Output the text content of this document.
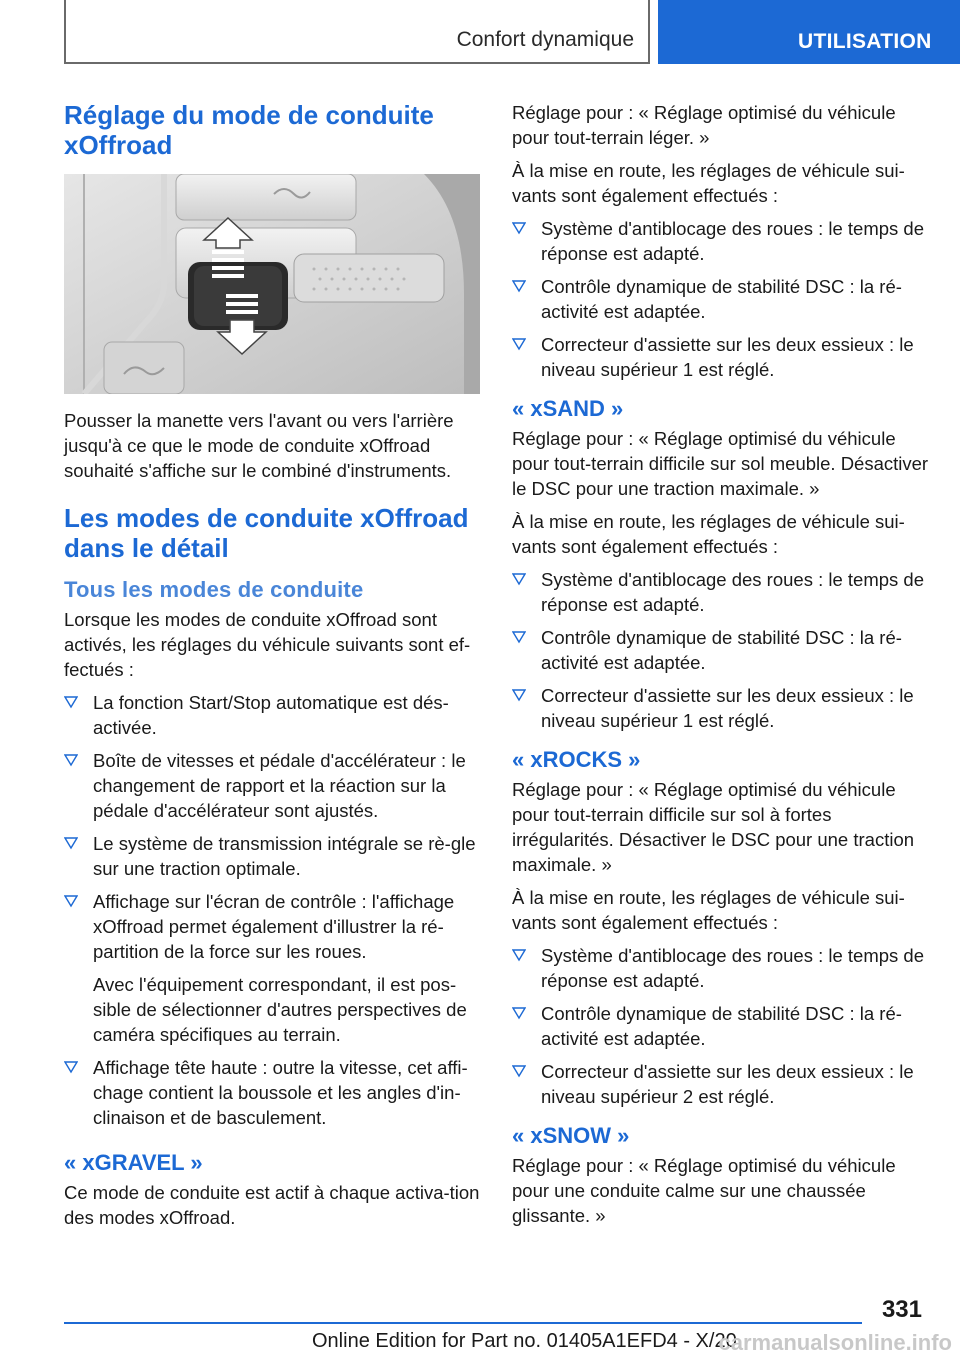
Confort dynamique	UTILISATION
Réglage du mode de conduite xOffroad

Pousser la manette vers l'avant ou vers l'arrière jusqu'à ce que le mode de conduite xOffroad souhaité s'affiche sur le combiné d'instruments.

Les modes de conduite xOffroad dans le détail
Tous les modes de conduite

Lorsque les modes de conduite xOffroad sont activés, les réglages du véhicule suivants sont ef-fectués :

La fonction Start/Stop automatique est dés-activée.
Boîte de vitesses et pédale d'accélérateur : le changement de rapport et la réaction sur la pédale d'accélérateur sont ajustés.
Le système de transmission intégrale se rè-gle sur une traction optimale.
Affichage sur l'écran de contrôle : l'affichage xOffroad permet également d'illustrer la ré-partition de la force sur les roues.
Avec l'équipement correspondant, il est pos-sible de sélectionner d'autres perspectives de caméra spécifiques au terrain.
Affichage tête haute : outre la vitesse, cet affi-chage contient la boussole et les angles d'in-clinaison et de basculement.
« xGRAVEL »

Ce mode de conduite est actif à chaque activa-tion des modes xOffroad.

Réglage pour : « Réglage optimisé du véhicule pour tout-terrain léger. »

À la mise en route, les réglages de véhicule sui-vants sont également effectués :

Système d'antiblocage des roues : le temps de réponse est adapté.
Contrôle dynamique de stabilité DSC : la ré-activité est adaptée.
Correcteur d'assiette sur les deux essieux : le niveau supérieur 1 est réglé.
« xSAND »

Réglage pour : « Réglage optimisé du véhicule pour tout-terrain difficile sur sol meuble. Désactiver le DSC pour une traction maximale. »

À la mise en route, les réglages de véhicule sui-vants sont également effectués :

Système d'antiblocage des roues : le temps de réponse est adapté.
Contrôle dynamique de stabilité DSC : la ré-activité est adaptée.
Correcteur d'assiette sur les deux essieux : le niveau supérieur 1 est réglé.
« xROCKS »

Réglage pour : « Réglage optimisé du véhicule pour tout-terrain difficile sur sol à fortes irrégularités. Désactiver le DSC pour une traction maximale. »

À la mise en route, les réglages de véhicule sui-vants sont également effectués :

Système d'antiblocage des roues : le temps de réponse est adapté.
Contrôle dynamique de stabilité DSC : la ré-activité est adaptée.
Correcteur d'assiette sur les deux essieux : le niveau supérieur 2 est réglé.
« xSNOW »

Réglage pour : « Réglage optimisé du véhicule pour une conduite calme sur une chaussée glissante. »

331
Online Edition for Part no. 01405A1EFD4 - X/20
carmanualsonline.info
